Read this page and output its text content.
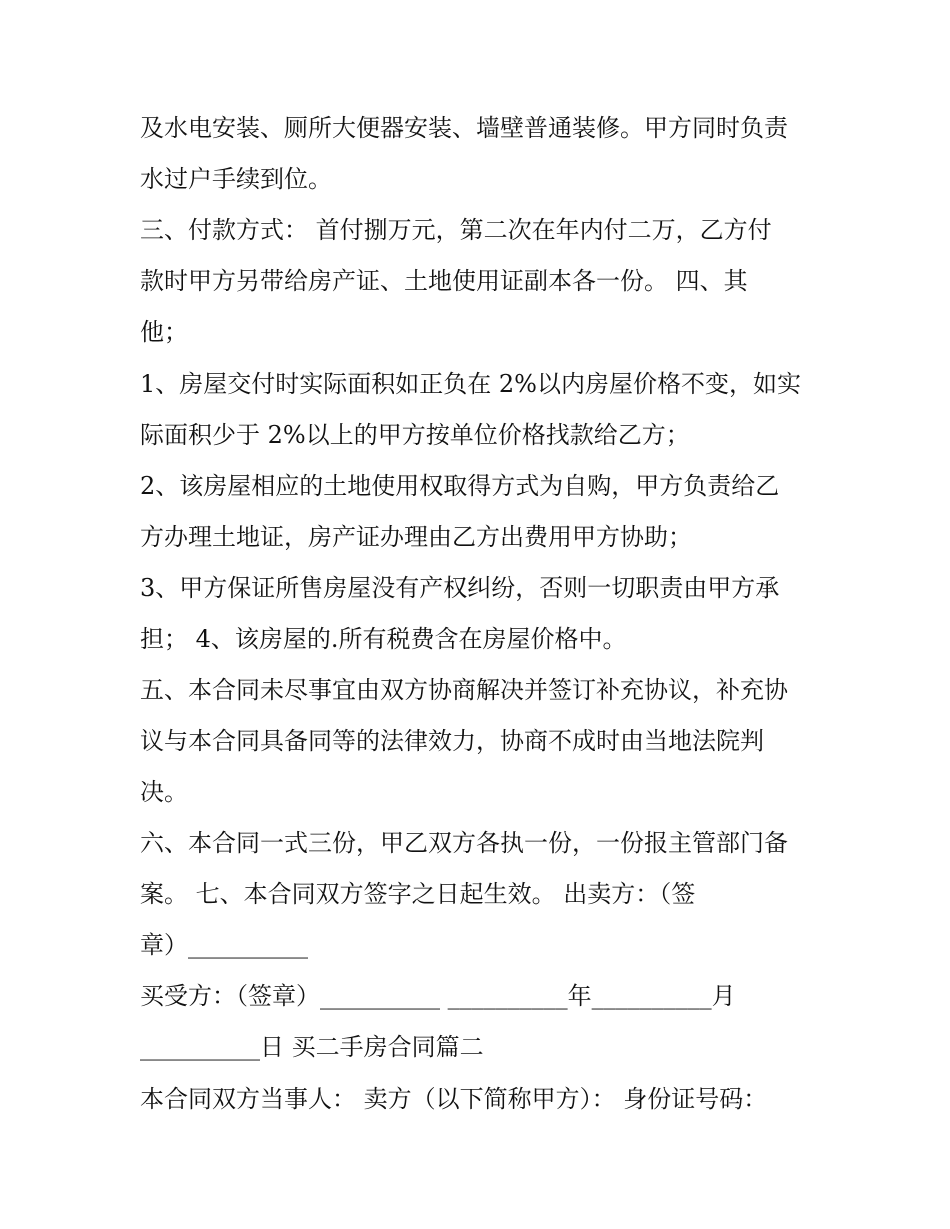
及水电安装、厕所大便器安装、墙壁普通装修。甲方同时负责
水过户手续到位。
三、付款方式： 首付捌万元，第二次在年内付二万，乙方付
款时甲方另带给房产证、土地使用证副本各一份。 四、其
他；
1、房屋交付时实际面积如正负在 2%以内房屋价格不变，如实
际面积少于 2%以上的甲方按单位价格找款给乙方；
2、该房屋相应的土地使用权取得方式为自购，甲方负责给乙
方办理土地证，房产证办理由乙方出费用甲方协助；
3、甲方保证所售房屋没有产权纠纷，否则一切职责由甲方承
担； 4、该房屋的.所有税费含在房屋价格中。
五、本合同未尽事宜由双方协商解决并签订补充协议，补充协
议与本合同具备同等的法律效力，协商不成时由当地法院判
决。
六、本合同一式三份，甲乙双方各执一份，一份报主管部门备
案。 七、本合同双方签字之日起生效。 出卖方：（签
章）__________
买受方：（签章）__________ __________年__________月
__________日 买二手房合同篇二
本合同双方当事人： 卖方（以下简称甲方）： 身份证号码：
